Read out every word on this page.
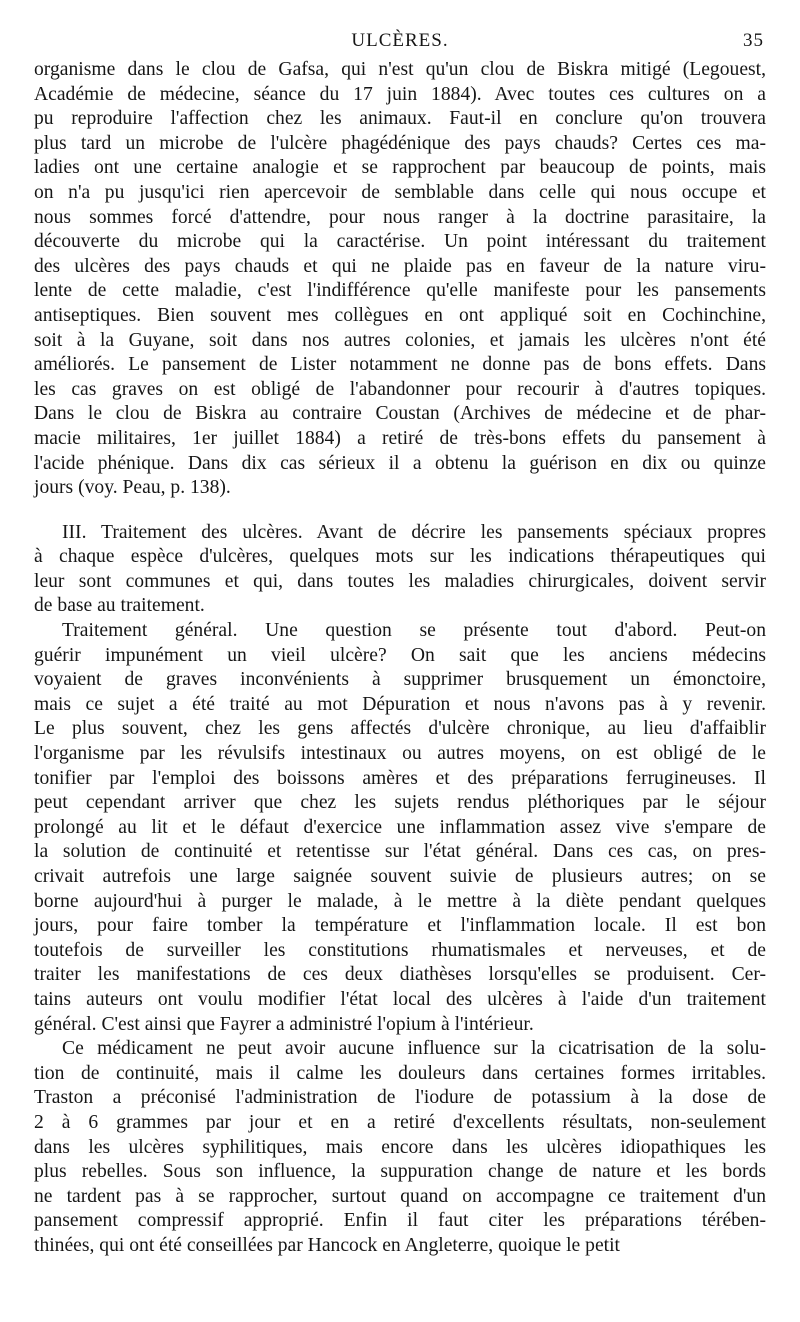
ULCÈRES.	35
organisme dans le clou de Gafsa, qui n'est qu'un clou de Biskra mitigé (Legouest,
Académie de médecine, séance du 17 juin 1884). Avec toutes ces cultures on a
pu reproduire l'affection chez les animaux. Faut-il en conclure qu'on trouvera
plus tard un microbe de l'ulcère phagédénique des pays chauds? Certes ces ma-
ladies ont une certaine analogie et se rapprochent par beaucoup de points, mais
on n'a pu jusqu'ici rien apercevoir de semblable dans celle qui nous occupe et
nous sommes forcé d'attendre, pour nous ranger à la doctrine parasitaire, la
découverte du microbe qui la caractérise. Un point intéressant du traitement
des ulcères des pays chauds et qui ne plaide pas en faveur de la nature viru-
lente de cette maladie, c'est l'indifférence qu'elle manifeste pour les pansements
antiseptiques. Bien souvent mes collègues en ont appliqué soit en Cochinchine,
soit à la Guyane, soit dans nos autres colonies, et jamais les ulcères n'ont été
améliorés. Le pansement de Lister notamment ne donne pas de bons effets. Dans
les cas graves on est obligé de l'abandonner pour recourir à d'autres topiques.
Dans le clou de Biskra au contraire Coustan (Archives de médecine et de phar-
macie militaires, 1er juillet 1884) a retiré de très-bons effets du pansement à
l'acide phénique. Dans dix cas sérieux il a obtenu la guérison en dix ou quinze
jours (voy. Peau, p. 138).
III. Traitement des ulcères. Avant de décrire les pansements spéciaux propres
à chaque espèce d'ulcères, quelques mots sur les indications thérapeutiques qui
leur sont communes et qui, dans toutes les maladies chirurgicales, doivent servir
de base au traitement.
Traitement général. Une question se présente tout d'abord. Peut-on
guérir impunément un vieil ulcère? On sait que les anciens médecins
voyaient de graves inconvénients à supprimer brusquement un émonctoire,
mais ce sujet a été traité au mot Dépuration et nous n'avons pas à y revenir.
Le plus souvent, chez les gens affectés d'ulcère chronique, au lieu d'affaiblir
l'organisme par les révulsifs intestinaux ou autres moyens, on est obligé de le
tonifier par l'emploi des boissons amères et des préparations ferrugineuses. Il
peut cependant arriver que chez les sujets rendus pléthoriques par le séjour
prolongé au lit et le défaut d'exercice une inflammation assez vive s'empare de
la solution de continuité et retentisse sur l'état général. Dans ces cas, on pres-
crivait autrefois une large saignée souvent suivie de plusieurs autres; on se
borne aujourd'hui à purger le malade, à le mettre à la diète pendant quelques
jours, pour faire tomber la température et l'inflammation locale. Il est bon
toutefois de surveiller les constitutions rhumatismales et nerveuses, et de
traiter les manifestations de ces deux diathèses lorsqu'elles se produisent. Cer-
tains auteurs ont voulu modifier l'état local des ulcères à l'aide d'un traitement
général. C'est ainsi que Fayrer a administré l'opium à l'intérieur.
Ce médicament ne peut avoir aucune influence sur la cicatrisation de la solu-
tion de continuité, mais il calme les douleurs dans certaines formes irritables.
Traston a préconisé l'administration de l'iodure de potassium à la dose de
2 à 6 grammes par jour et en a retiré d'excellents résultats, non-seulement
dans les ulcères syphilitiques, mais encore dans les ulcères idiopathiques les
plus rebelles. Sous son influence, la suppuration change de nature et les bords
ne tardent pas à se rapprocher, surtout quand on accompagne ce traitement d'un
pansement compressif approprié. Enfin il faut citer les préparations térében-
thinées, qui ont été conseillées par Hancock en Angleterre, quoique le petit
